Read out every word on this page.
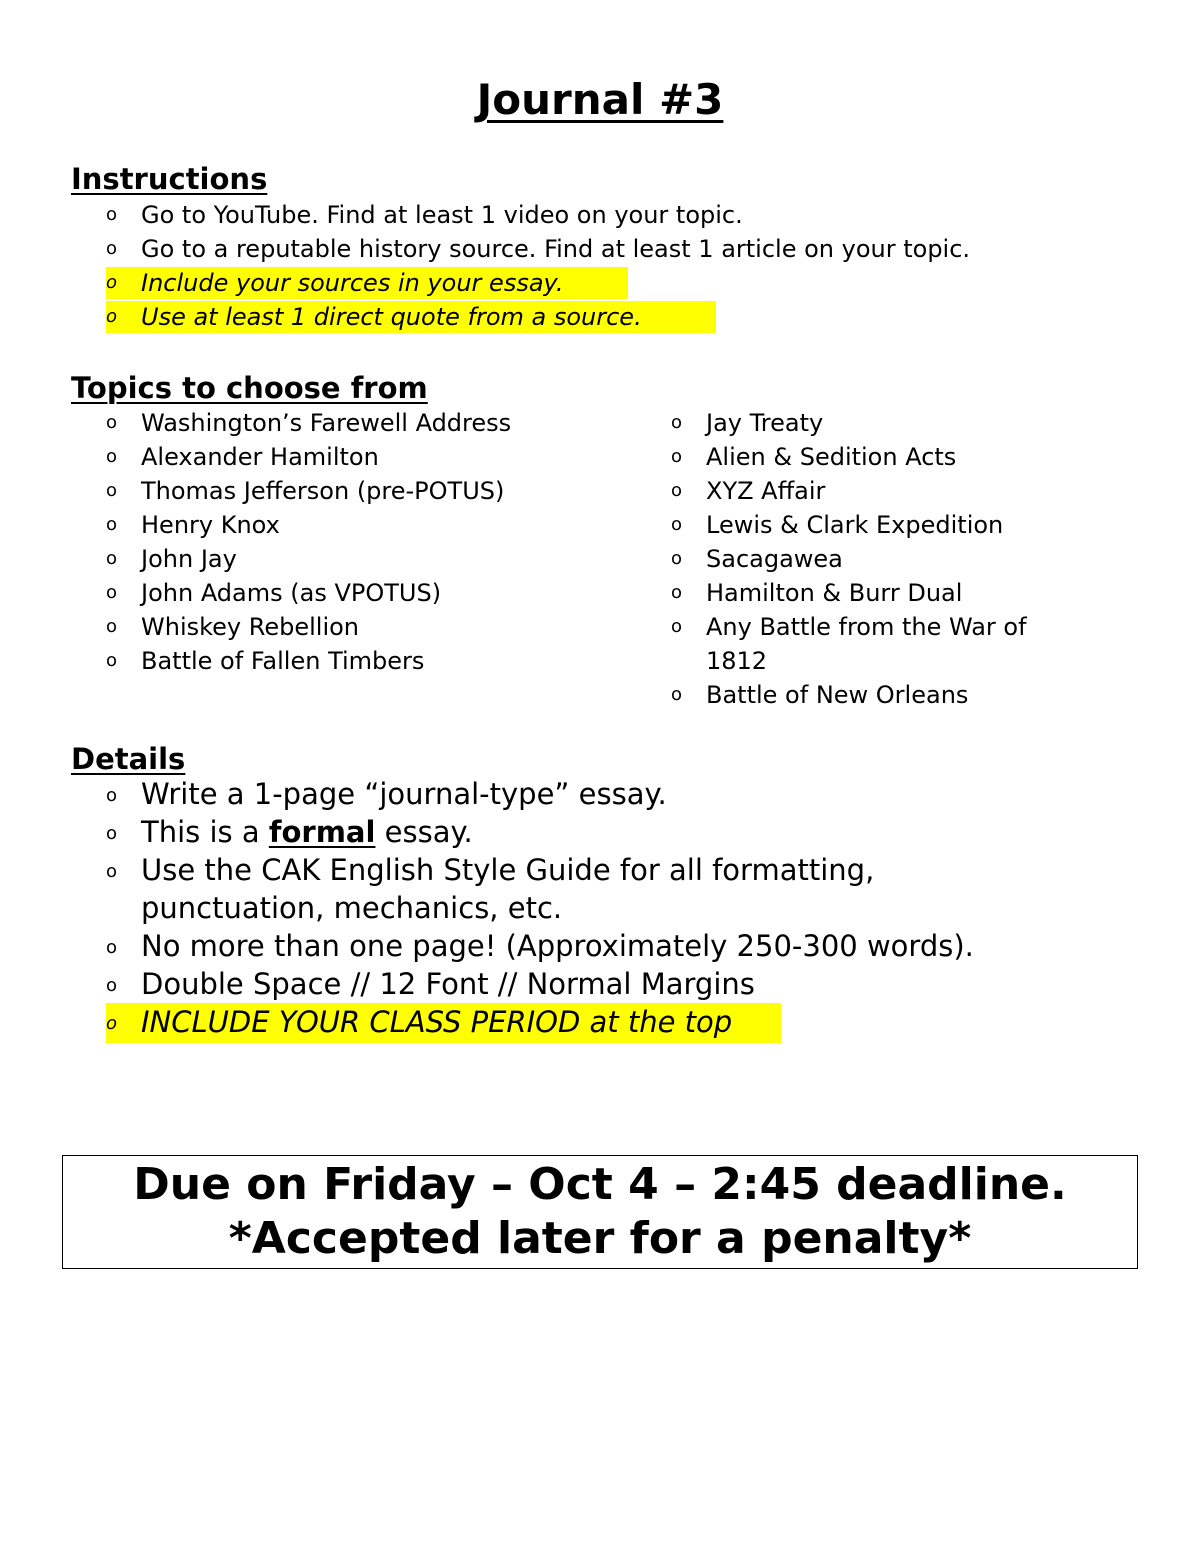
Journal #3
Instructions
o Go to YouTube. Find at least 1 video on your topic.
o Go to a reputable history source. Find at least 1 article on your topic.
o Include your sources in your essay.
o Use at least 1 direct quote from a source.
Topics to choose from
o Washington’s Farewell Address
o Alexander Hamilton
o Thomas Jefferson (pre-POTUS)
o Henry Knox
o John Jay
o John Adams (as VPOTUS)
o Whiskey Rebellion
o Battle of Fallen Timbers
o Jay Treaty
o Alien & Sedition Acts
o XYZ Affair
o Lewis & Clark Expedition
o Sacagawea
o Hamilton & Burr Dual
o Any Battle from the War of 1812
o Battle of New Orleans
Details
o Write a 1-page “journal-type” essay.
o This is a formal essay.
o Use the CAK English Style Guide for all formatting, punctuation, mechanics, etc.
o No more than one page! (Approximately 250-300 words).
o Double Space // 12 Font // Normal Margins
o INCLUDE YOUR CLASS PERIOD at the top
Due on Friday – Oct 4 – 2:45 deadline.
*Accepted later for a penalty*
